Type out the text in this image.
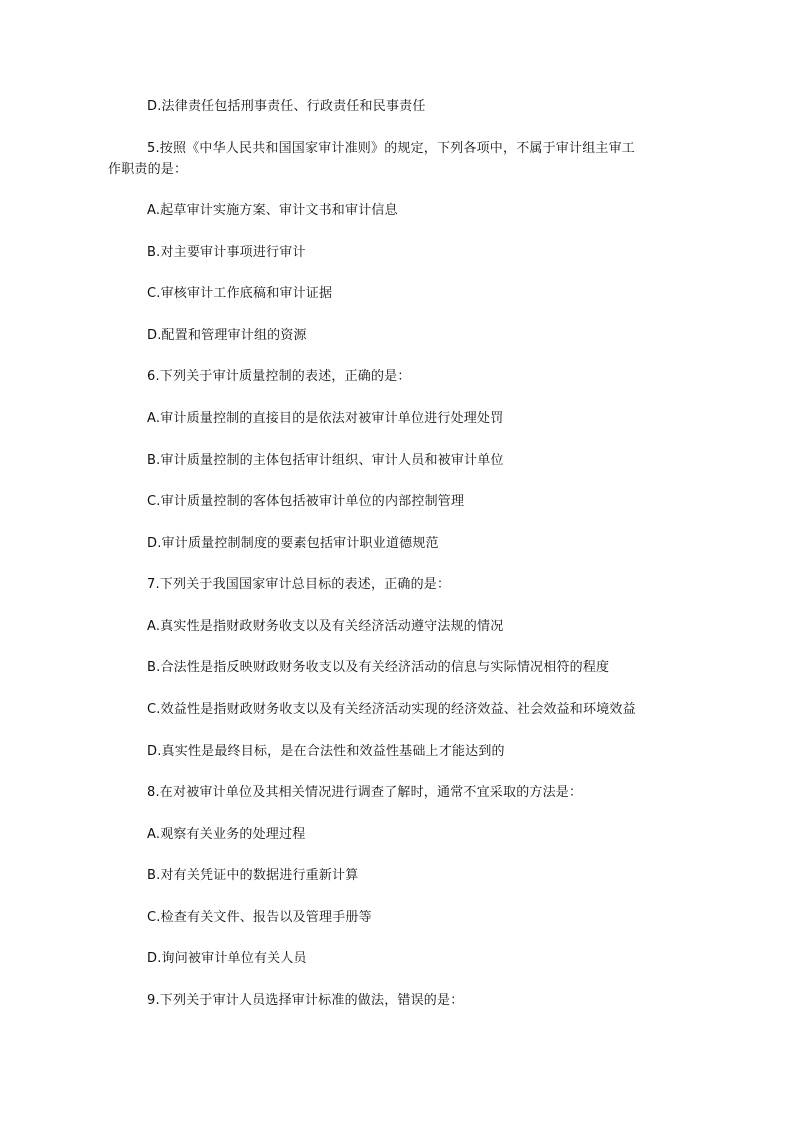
D.法律责任包括刑事责任、行政责任和民事责任
5.按照《中华人民共和国国家审计准则》的规定，下列各项中，不属于审计组主审工
作职责的是：
A.起草审计实施方案、审计文书和审计信息
B.对主要审计事项进行审计
C.审核审计工作底稿和审计证据
D.配置和管理审计组的资源
6.下列关于审计质量控制的表述，正确的是：
A.审计质量控制的直接目的是依法对被审计单位进行处理处罚
B.审计质量控制的主体包括审计组织、审计人员和被审计单位
C.审计质量控制的客体包括被审计单位的内部控制管理
D.审计质量控制制度的要素包括审计职业道德规范
7.下列关于我国国家审计总目标的表述，正确的是：
A.真实性是指财政财务收支以及有关经济活动遵守法规的情况
B.合法性是指反映财政财务收支以及有关经济活动的信息与实际情况相符的程度
C.效益性是指财政财务收支以及有关经济活动实现的经济效益、社会效益和环境效益
D.真实性是最终目标，是在合法性和效益性基础上才能达到的
8.在对被审计单位及其相关情况进行调查了解时，通常不宜采取的方法是：
A.观察有关业务的处理过程
B.对有关凭证中的数据进行重新计算
C.检查有关文件、报告以及管理手册等
D.询问被审计单位有关人员
9.下列关于审计人员选择审计标准的做法，错误的是：
